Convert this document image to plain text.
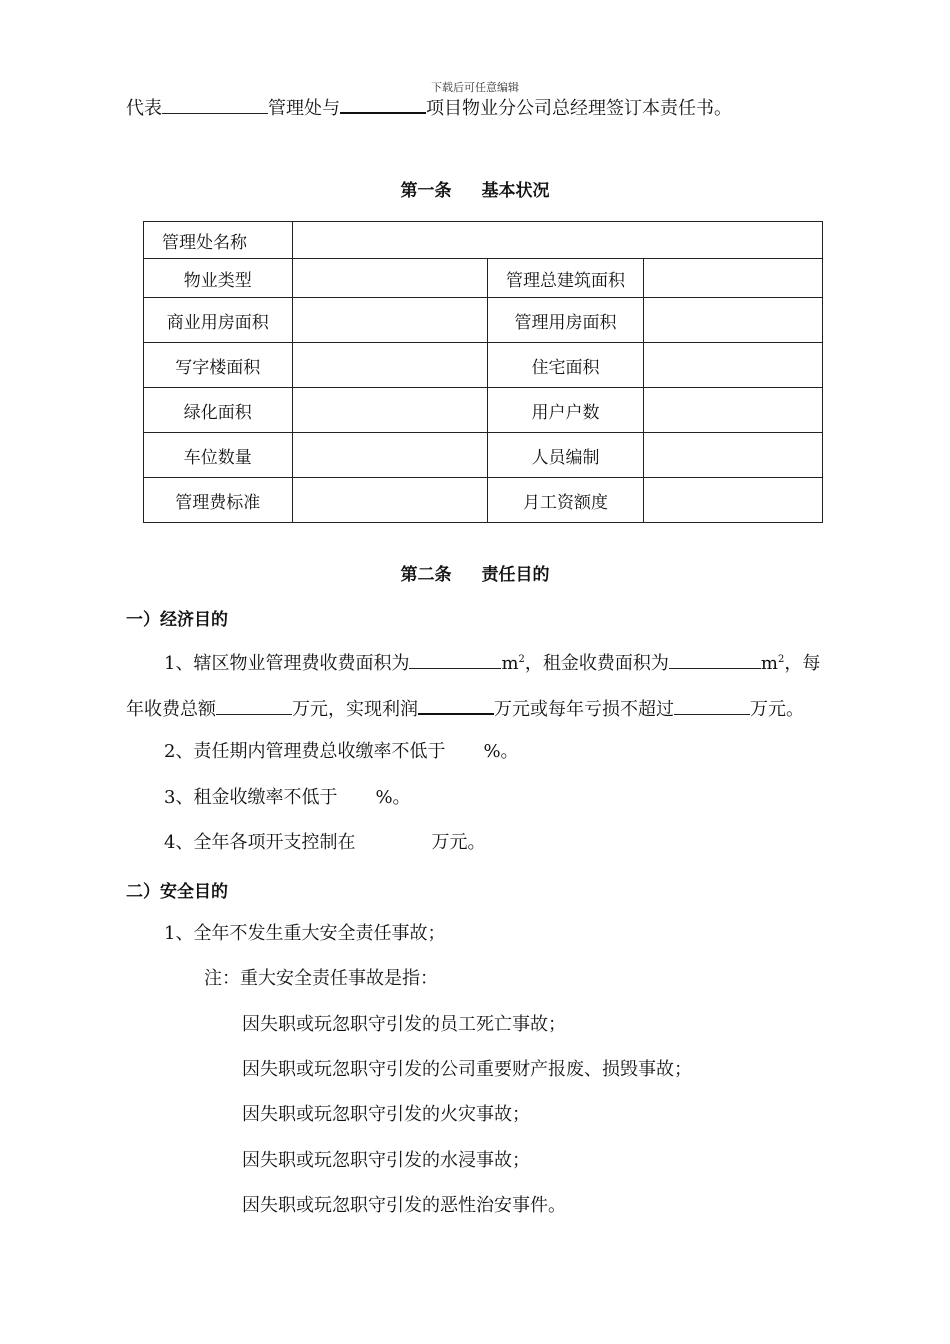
下载后可任意编辑
代表	管理处与	项目物业分公司总经理签订本责任书。
第一条 基本状况
管理处名称			
物业类型		管理总建筑面积	
商业用房面积		管理用房面积	
写字楼面积		住宅面积	
绿化面积		用户户数	
车位数量		人员编制	
管理费标准		月工资额度	
第二条 责任目的
一）经济目的
1、辖区物业管理费收费面积为	$m^2$，租金收费面积为	$m^2$，每
年收费总额	万元，实现利润	万元或每年亏损不超过	万元。
2、责任期内管理费总收缴率不低于 %。
3、租金收缴率不低于 %。
4、全年各项开支控制在	万元。
二）安全目的
1、全年不发生重大安全责任事故；
注：重大安全责任事故是指：
因失职或玩忽职守引发的员工死亡事故；
因失职或玩忽职守引发的公司重要财产报废、损毁事故；
因失职或玩忽职守引发的火灾事故；
因失职或玩忽职守引发的水浸事故；
因失职或玩忽职守引发的恶性治安事件。
